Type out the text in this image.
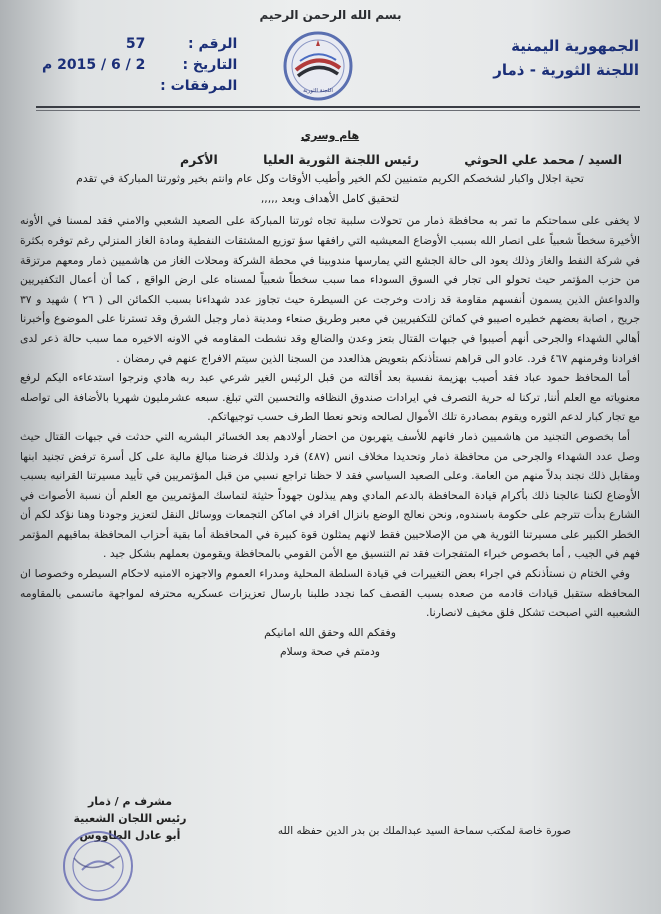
بسم الله الرحمن الرحيم
الجمهورية اليمنية
اللجنة الثورية - ذمار
اللجنة الثورية
الرقم :
57
التاريخ :
2 / 6 / 2015 م
المرفقات :

هام وسري

السيد / محمد علي الحوثي
رئيس اللجنة الثورية العليا
الأكرم

تحية اجلال واكبار لشخصكم الكريم متمنيين لكم الخير وأطيب الأوقات وكل عام وانتم بخير وثورتنا المباركة في تقدم

لتحقيق كامل الأهداف وبعد ,,,,,

لا يخفى على سماحتكم ما تمر به محافظة ذمار من تحولات سلبية تجاه ثورتنا المباركة على الصعيد الشعبي والامني فقد لمسنا في الأونه الأخيرة سخطاً شعبياً على انصار الله بسبب الأوضاع المعيشيه التي رافقها سؤ توزيع المشتقات النفطية ومادة الغاز المنزلي رغم توفره بكثرة في شركة النفط والغاز وذلك يعود الى حالة الجشع التي يمارسها مندوبينا في محطة الشركة ومحلات الغاز من هاشميين ذمار ومعهم مرتزقة من حزب المؤتمر حيث تحولو الى تجار في السوق السوداء مما سبب سخطاً شعبياً لمسناه على ارض الواقع , كما أن أعمال التكفيريين والدواعش الذين يسمون أنفسهم مقاومة قد زادت وخرجت عن السيطرة حيث تجاوز عدد شهداءنا بسبب الكمائن الى ( ٢٦ ) شهيد و ٣٧ جريح , اصابة بعضهم خطيره اصيبو في كمائن للتكفيريين في معبر وطريق صنعاء ومدينة ذمار وجبل الشرق وقد تسترنا على الموضوع وأخبرنا أهالي الشهداء والجرحى أنهم أصيبوا في جبهات القتال بتعز وعدن والضالع وقد نشطت المقاومه في الاونه الاخيره مما سبب حالة ذعر لدى افرادنا وفرمنهم ٤٦٧ فرد. عادو الى قراهم نستأذنكم بتعويض هذالعدد من السجنا الذين سيتم الافراج عنهم في رمضان .

أما المحافظ حمود عباد فقد أصيب بهزيمة نفسية بعد أقالته من قبل الرئيس الغير شرعي عبد ربه هادي ونرجوا استدعاءه اليكم لرفع معنوياته مع العلم أننا, تركنا له حرية التصرف في ايرادات صندوق النظافه والتحسين التي تبلغ. سبعه عشرمليون شهريا بالأضافة الى تواصله مع تجار كبار لدعم الثوره ويقوم بمصادرة تلك الأموال لصالحه ونحو نعطا الطرف حسب توجيهاتكم.

أما بخصوص التجنيد من هاشميين ذمار فانهم للأسف يتهربون من احضار أولادهم بعد الخسائر البشريه التي حدثت في جبهات القتال حيث وصل عدد الشهداء والجرحى من محافظة ذمار وتحديدا مخلاف انس (٤٨٧) فرد ولذلك فرضنا مبالغ مالية على كل أسرة ترفض تجنيد ابنها ومقابل ذلك نجند بدلاً منهم من العامة. وعلى الصعيد السياسي فقد لا حظنا تراجع نسبي من قبل المؤتمريين في تأييد مسيرتنا القرانيه بسبب الأوضاع لكننا عالجنا ذلك بأكرام قيادة المحافظة بالدعم المادي وهم يبذلون جهوداً حثيثة لتماسك المؤتمريين مع العلم أن نسبة الأصوات في الشارع بدأت تترجم على حكومة باسندوه, ونحن نعالج الوضع بانزال افراد في اماكن التجمعات ووسائل النقل لتعزيز وجودنا وهنا نؤكد لكم أن الخطر الكبير على مسيرتنا الثورية هي من الإصلاحيين فقط لانهم يمثلون قوة كبيرة في المحافظة أما بقية أحزاب المحافظة بماقيهم المؤتمر فهم في الجيب , أما بخصوص خبراء المتفجرات فقد تم التنسيق مع الأمن القومي بالمحافظة ويقومون بعملهم بشكل جيد .

وفي الختام ن نستأذنكم في اجراء بعض التغييرات في قيادة السلطة المحلية ومدراء العموم والاجهزه الامنيه لاحكام السيطره وخصوصا ان المحافظه ستقبل قيادات قادمه من صعده بسبب القصف كما نجدد طلبنا بارسال تعزيزات عسكريه محترفه لمواجهة ماتسمى بالمقاومه الشعبيه التي اصبحت تشكل فلق مخيف لانصارنا.

وفقكم الله وحقق الله امانيكم

ودمتم في صحة وسلام

مشرف م / ذمار
رئيس اللجان الشعبية
أبو عادل الطاووس	صورة خاصة لمكتب سماحة السيد عبدالملك بن بدر الدين حفظه الله
